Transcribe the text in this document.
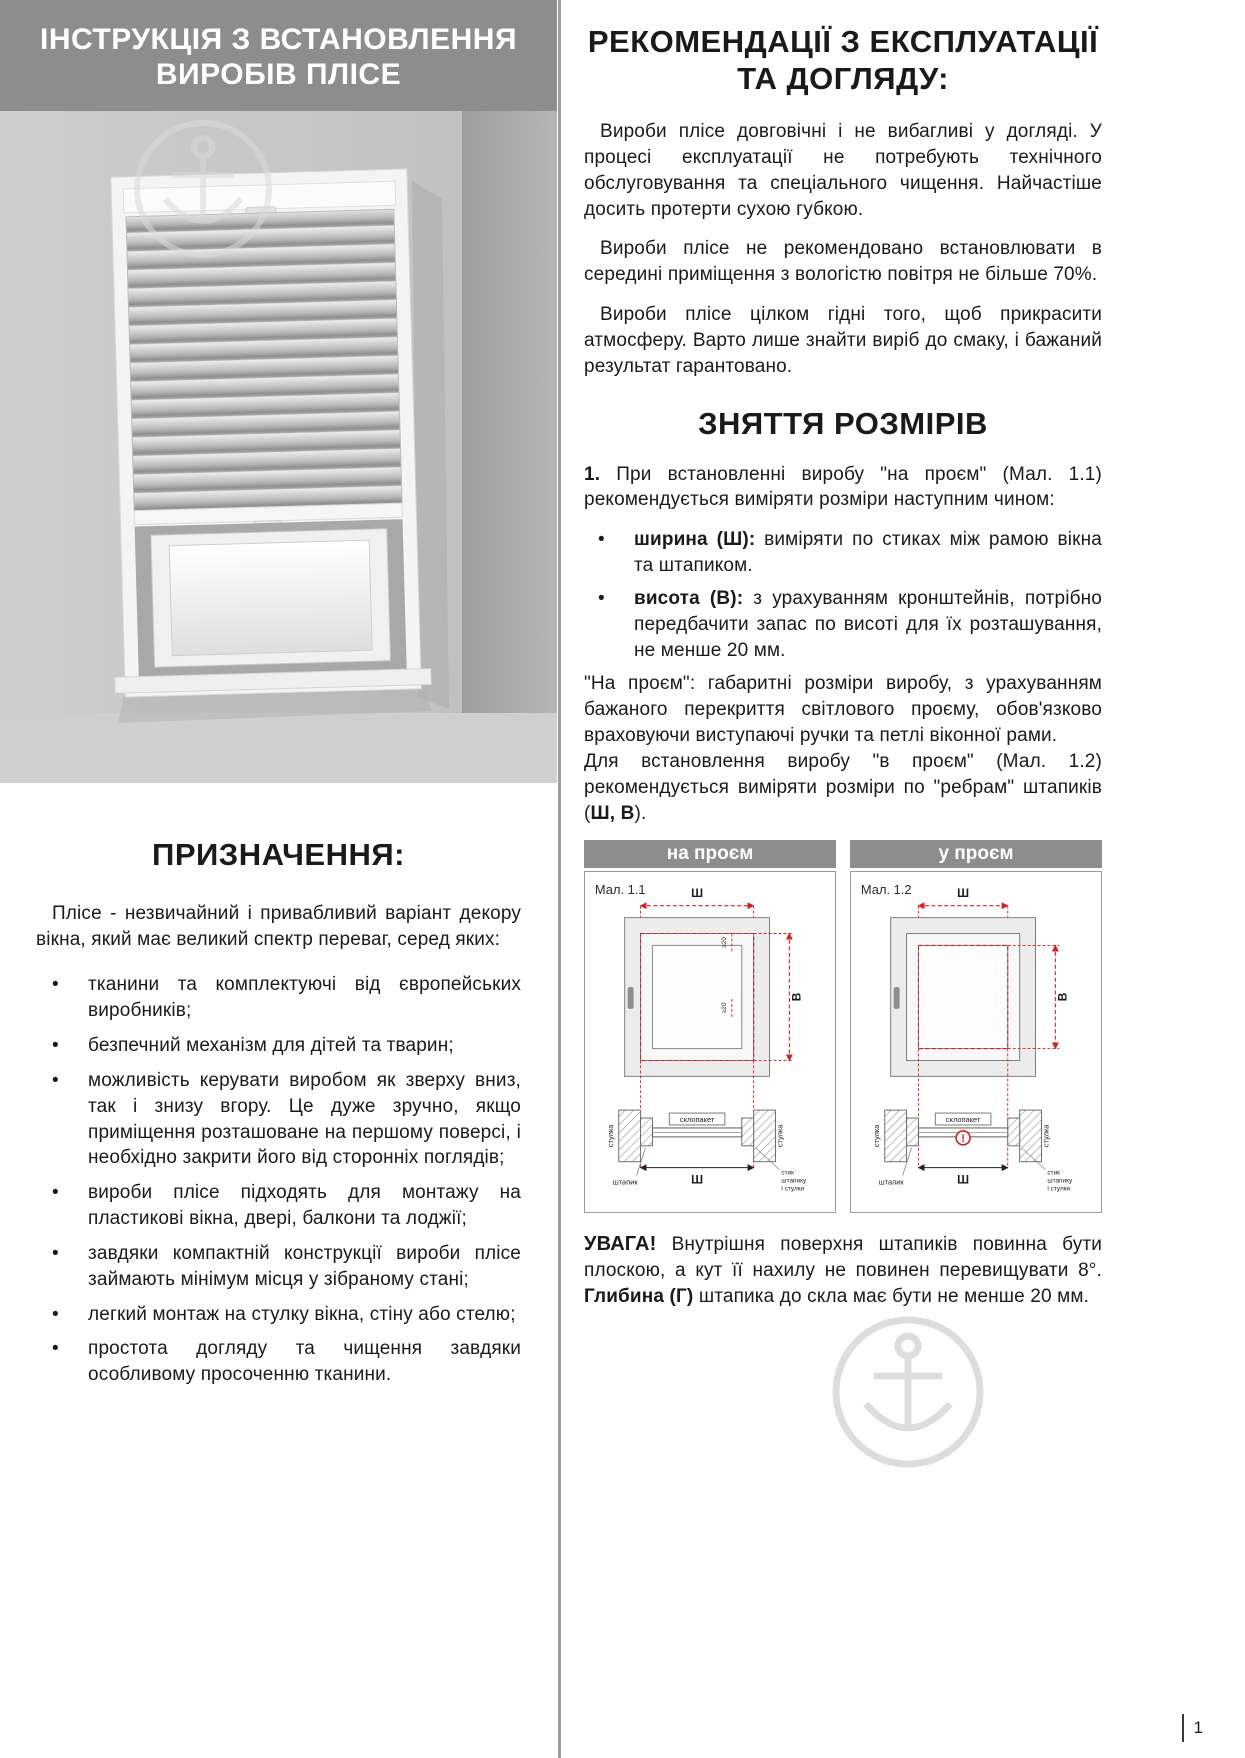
ІНСТРУКЦІЯ З ВСТАНОВЛЕННЯ
ВИРОБІВ ПЛІСЕ
ПРИЗНАЧЕННЯ:

Плісе - незвичайний і привабливий варіант декору вікна, який має великий спектр переваг, серед яких:

• тканини та комплектуючі від європейських виробників;
• безпечний механізм для дітей та тварин;
• можливість керувати виробом як зверху вниз, так і знизу вгору. Це дуже зручно, якщо приміщення розташоване на першому поверсі, і необхідно закрити його від сторонніх поглядів;
• вироби плісе підходять для монтажу на пластикові вікна, двері, балкони та лоджії;
• завдяки компактній конструкції вироби плісе займають мінімум місця у зібраному стані;
• легкий монтаж на стулку вікна, стіну або стелю;
• простота догляду та чищення завдяки особливому просоченню тканини.
РЕКОМЕНДАЦІЇ З ЕКСПЛУАТАЦІЇ
ТА ДОГЛЯДУ:

Вироби плісе довговічні і не вибагливі у догляді. У процесі експлуатації не потребують технічного обслуговування та спеціального чищення. Найчастіше досить протерти сухою губкою.

Вироби плісе не рекомендовано встановлювати в середині приміщення з вологістю повітря не більше 70%.

Вироби плісе цілком гідні того, щоб прикрасити атмосферу. Варто лише знайти виріб до смаку, і бажаний результат гарантовано.

ЗНЯТТЯ РОЗМІРІВ

1. При встановленні виробу "на проєм" (Мал. 1.1) рекомендується виміряти розміри наступним чином:

• ширина (Ш): виміряти по стиках між рамою вікна та штапиком.
• висота (В): з урахуванням кронштейнів, потрібно передбачити запас по висоті для їх розташування, не менше 20 мм.

"На проєм": габаритні розміри виробу, з урахуванням бажаного перекриття світлового проєму, обов'язково враховуючи виступаючі ручки та петлі віконної рами.

Для встановлення виробу "в проєм" (Мал. 1.2) рекомендується виміряти розміри по "ребрам" штапиків (Ш, В).

на проєм
Мал. 1.1	Ш
В
≥20
≥20
склопакет
стулка	стулка
штапик	Ш	стик
штапику
і стулки
у проєм
Мал. 1.2	Ш
В
склопакет
!
стулка	стулка
штапик	Ш	стик
штапику
і стулки

УВАГА! Внутрішня поверхня штапиків повинна бути плоскою, а кут її нахилу не повинен перевищувати 8°. Глибина (Г) штапика до скла має бути не менше 20 мм.

1
